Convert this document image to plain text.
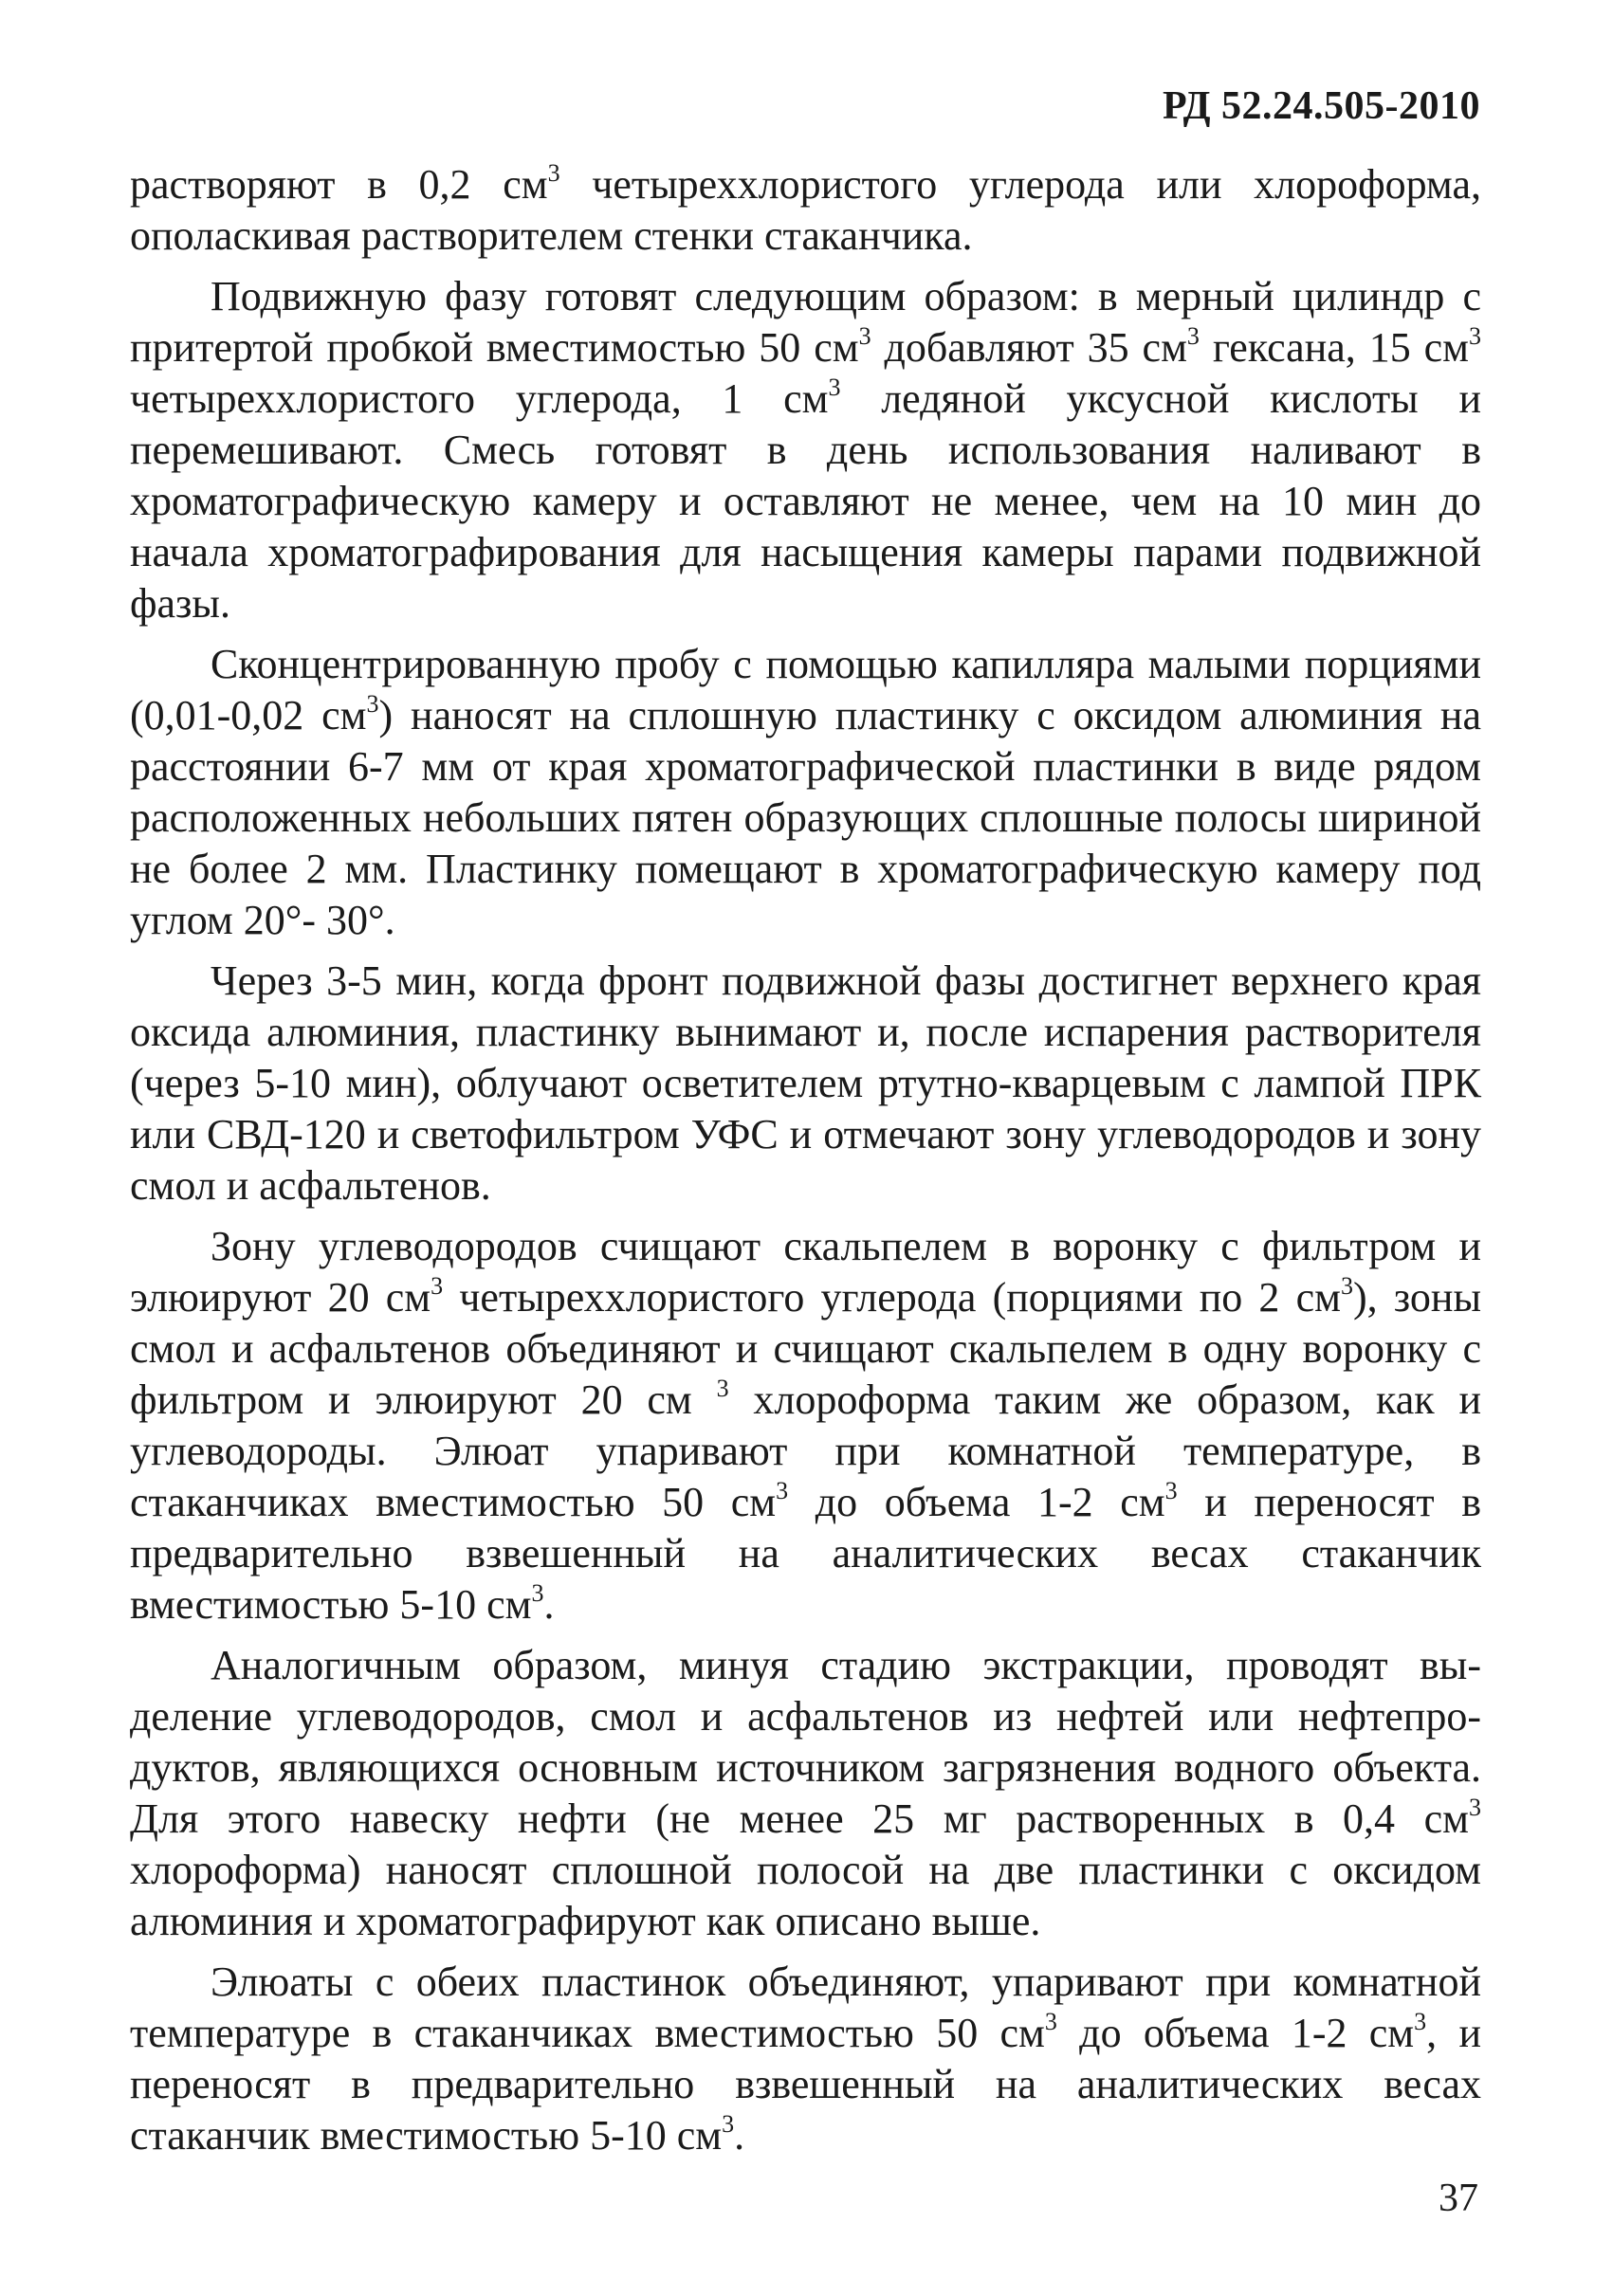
РД 52.24.505-2010

растворяют в 0,2 $см^3$ четыреххлористого углерода или хлороформа, ополаскивая растворителем стенки стаканчика.

Подвижную фазу готовят следующим образом: в мерный цилиндр с притертой пробкой вместимостью 50 $см^3$ добавляют 35 $см^3$ гексана, 15 $см^3$ четыреххлористого углерода, 1 $см^3$ ледяной уксусной кислоты и перемешивают. Смесь готовят в день использования наливают в хроматографическую камеру и оставляют не менее, чем на 10 мин до начала хроматографирования для насыщения камеры парами подвижной фазы.

Сконцентрированную пробу с помощью капилляра малыми порциями (0,01-0,02 $см^3$) наносят на сплошную пластинку с оксидом алюминия на расстоянии 6-7 мм от края хроматографической пластинки в виде рядом расположенных небольших пятен образующих сплошные полосы шириной не более 2 мм. Пластинку помещают в хроматографическую камеру под углом 20°- 30°.

Через 3-5 мин, когда фронт подвижной фазы достигнет верхнего края оксида алюминия, пластинку вынимают и, после испарения растворителя (через 5-10 мин), облучают осветителем ртутно-кварцевым с лампой ПРК или СВД-120 и светофильтром УФС и отмечают зону углеводородов и зону смол и асфальтенов.

Зону углеводородов счищают скальпелем в воронку с фильтром и элюируют 20 $см^3$ четыреххлористого углерода (порциями по 2 $см^3$), зоны смол и асфальтенов объединяют и счищают скальпелем в одну воронку с фильтром и элюируют 20 см $^3$ хлороформа таким же образом, как и углеводороды. Элюат упаривают при комнатной температуре, в стаканчиках вместимостью 50 $см^3$ до объема 1-2 $см^3$ и переносят в предварительно взвешенный на аналитических весах стаканчик вместимостью 5-10 $см^3$.

Аналогичным образом, минуя стадию экстракции, проводят выделение углеводородов, смол и асфальтенов из нефтей или нефтепродуктов, являющихся основным источником загрязнения водного объекта. Для этого навеску нефти (не менее 25 мг растворенных в 0,4 $см^3$ хлороформа) наносят сплошной полосой на две пластинки с оксидом алюминия и хроматографируют как описано выше.

Элюаты с обеих пластинок объединяют, упаривают при комнатной температуре в стаканчиках вместимостью 50 $см^3$ до объема 1-2 $см^3$, и переносят в предварительно взвешенный на аналитических весах стаканчик вместимостью 5-10 $см^3$.

37
